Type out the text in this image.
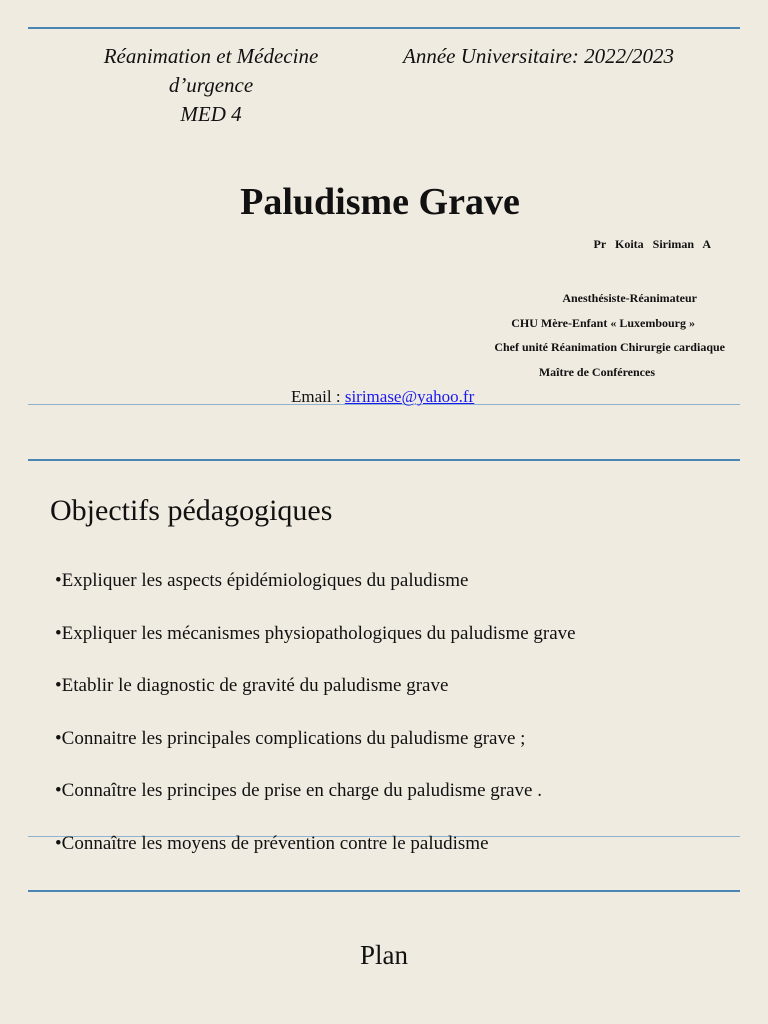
Réanimation et Médecine
d’urgence
MED 4
Année Universitaire: 2022/2023
Paludisme Grave
Pr Koita Siriman A
Anesthésiste-Réanimateur
CHU Mère-Enfant « Luxembourg »
Chef unité Réanimation Chirurgie cardiaque
Maître de Conférences
Email : sirimase@yahoo.fr
Objectifs pédagogiques
•Expliquer les aspects épidémiologiques du paludisme
•Expliquer les mécanismes physiopathologiques du paludisme grave
•Etablir le diagnostic de gravité du paludisme grave
•Connaitre les principales complications du paludisme grave ;
•Connaître les principes de prise en charge du paludisme grave .
•Connaître les moyens de prévention contre le paludisme
Plan
